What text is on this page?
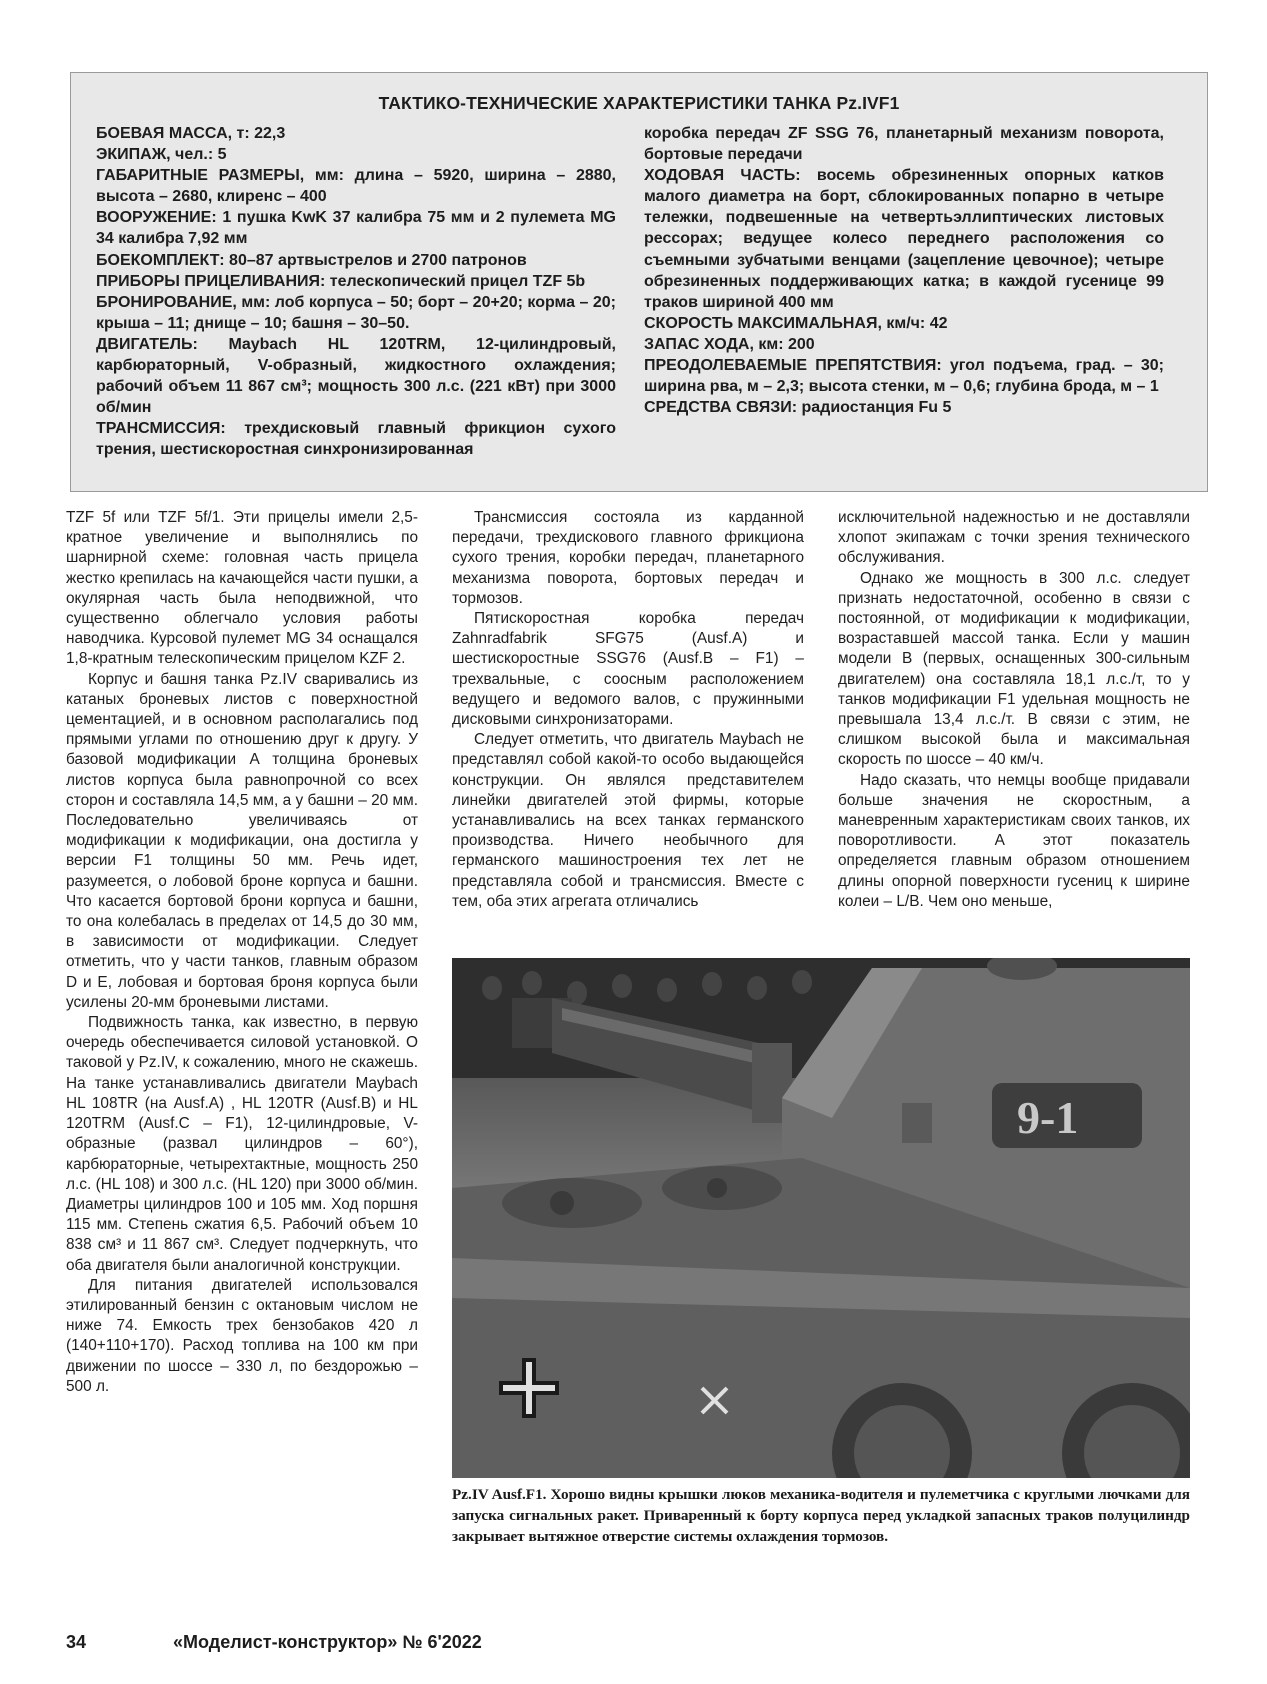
ТАКТИКО-ТЕХНИЧЕСКИЕ ХАРАКТЕРИСТИКИ ТАНКА Pz.IVF1

БОЕВАЯ МАССА, т: 22,3

ЭКИПАЖ, чел.: 5

ГАБАРИТНЫЕ РАЗМЕРЫ, мм: длина – 5920, ширина – 2880, высота – 2680, клиренс – 400

ВООРУЖЕНИЕ: 1 пушка KwK 37 калибра 75 мм и 2 пулемета MG 34 калибра 7,92 мм

БОЕКОМПЛЕКТ: 80–87 артвыстрелов и 2700 патронов

ПРИБОРЫ ПРИЦЕЛИВАНИЯ: телескопический прицел TZF 5b

БРОНИРОВАНИЕ, мм: лоб корпуса – 50; борт – 20+20; корма – 20; крыша – 11; днище – 10; башня – 30–50.

ДВИГАТЕЛЬ: Maybach HL 120TRM, 12-цилиндровый, карбюраторный, V-образный, жидкостного охлаждения; рабочий объем 11 867 см³; мощность 300 л.с. (221 кВт) при 3000 об/мин

ТРАНСМИССИЯ: трехдисковый главный фрикцион сухого трения, шестискоростная синхронизированная

коробка передач ZF SSG 76, планетарный механизм поворота, бортовые передачи

ХОДОВАЯ ЧАСТЬ: восемь обрезиненных опорных катков малого диаметра на борт, сблокированных попарно в четыре тележки, подвешенные на четвертьэллиптических листовых рессорах; ведущее колесо переднего расположения со съемными зубчатыми венцами (зацепление цевочное); четыре обрезиненных поддерживающих катка; в каждой гусенице 99 траков шириной 400 мм

СКОРОСТЬ МАКСИМАЛЬНАЯ, км/ч: 42

ЗАПАС ХОДА, км: 200

ПРЕОДОЛЕВАЕМЫЕ ПРЕПЯТСТВИЯ: угол подъема, град. – 30; ширина рва, м – 2,3; высота стенки, м – 0,6; глубина брода, м – 1

СРЕДСТВА СВЯЗИ: радиостанция Fu 5

TZF 5f или TZF 5f/1. Эти прицелы имели 2,5-кратное увеличение и выполнялись по шарнирной схеме: головная часть прицела жестко крепилась на качающейся части пушки, а окулярная часть была неподвижной, что существенно облегчало условия работы наводчика. Курсовой пулемет MG 34 оснащался 1,8-кратным телескопическим прицелом KZF 2.

Корпус и башня танка Pz.IV сваривались из катаных броневых листов с поверхностной цементацией, и в основном располагались под прямыми углами по отношению друг к другу. У базовой модификации A толщина броневых листов корпуса была равнопрочной со всех сторон и составляла 14,5 мм, а у башни – 20 мм. Последовательно увеличиваясь от модификации к модификации, она достигла у версии F1 толщины 50 мм. Речь идет, разумеется, о лобовой броне корпуса и башни. Что касается бортовой брони корпуса и башни, то она колебалась в пределах от 14,5 до 30 мм, в зависимости от модификации. Следует отметить, что у части танков, главным образом D и E, лобовая и бортовая броня корпуса были усилены 20-мм броневыми листами.

Подвижность танка, как известно, в первую очередь обеспечивается силовой установкой. О таковой у Pz.IV, к сожалению, много не скажешь. На танке устанавливались двигатели Maybach HL 108TR (на Ausf.A) , HL 120TR (Ausf.B) и HL 120TRM (Ausf.C – F1), 12-цилиндровые, V-образные (развал цилиндров – 60°), карбюраторные, четырехтактные, мощность 250 л.с. (HL 108) и 300 л.с. (HL 120) при 3000 об/мин. Диаметры цилиндров 100 и 105 мм. Ход поршня 115 мм. Степень сжатия 6,5. Рабочий объем 10 838 см³ и 11 867 см³. Следует подчеркнуть, что оба двигателя были аналогичной конструкции.

Для питания двигателей использовался этилированный бензин с октановым числом не ниже 74. Емкость трех бензобаков 420 л (140+110+170). Расход топлива на 100 км при движении по шоссе – 330 л, по бездорожью – 500 л.

Трансмиссия состояла из карданной передачи, трехдискового главного фрикциона сухого трения, коробки передач, планетарного механизма поворота, бортовых передач и тормозов.

Пятискоростная коробка передач Zahnradfabrik SFG75 (Ausf.A) и шестискоростные SSG76 (Ausf.B – F1) – трехвальные, с соосным расположением ведущего и ведомого валов, с пружинными дисковыми синхронизаторами.

Следует отметить, что двигатель Maybach не представлял собой какой-то особо выдающейся конструкции. Он являлся представителем линейки двигателей этой фирмы, которые устанавливались на всех танках германского производства. Ничего необычного для германского машиностроения тех лет не представляла собой и трансмиссия. Вместе с тем, оба этих агрегата отличались

исключительной надежностью и не доставляли хлопот экипажам с точки зрения технического обслуживания.

Однако же мощность в 300 л.с. следует признать недостаточной, особенно в связи с постоянной, от модификации к модификации, возраставшей массой танка. Если у машин модели B (первых, оснащенных 300-сильным двигателем) она составляла 18,1 л.с./т, то у танков модификации F1 удельная мощность не превышала 13,4 л.с./т. В связи с этим, не слишком высокой была и максимальная скорость по шоссе – 40 км/ч.

Надо сказать, что немцы вообще придавали больше значения не скоростным, а маневренным характеристикам своих танков, их поворотливости. А этот показатель определяется главным образом отношением длины опорной поверхности гусениц к ширине колеи – L/B. Чем оно меньше,

9-1
Pz.IV Ausf.F1. Хорошо видны крышки люков механика-водителя и пулеметчика с круглыми лючками для запуска сигнальных ракет. Приваренный к борту корпуса перед укладкой запасных траков полуцилиндр закрывает вытяжное отверстие системы охлаждения тормозов.
34	«Моделист-конструктор» № 6'2022
